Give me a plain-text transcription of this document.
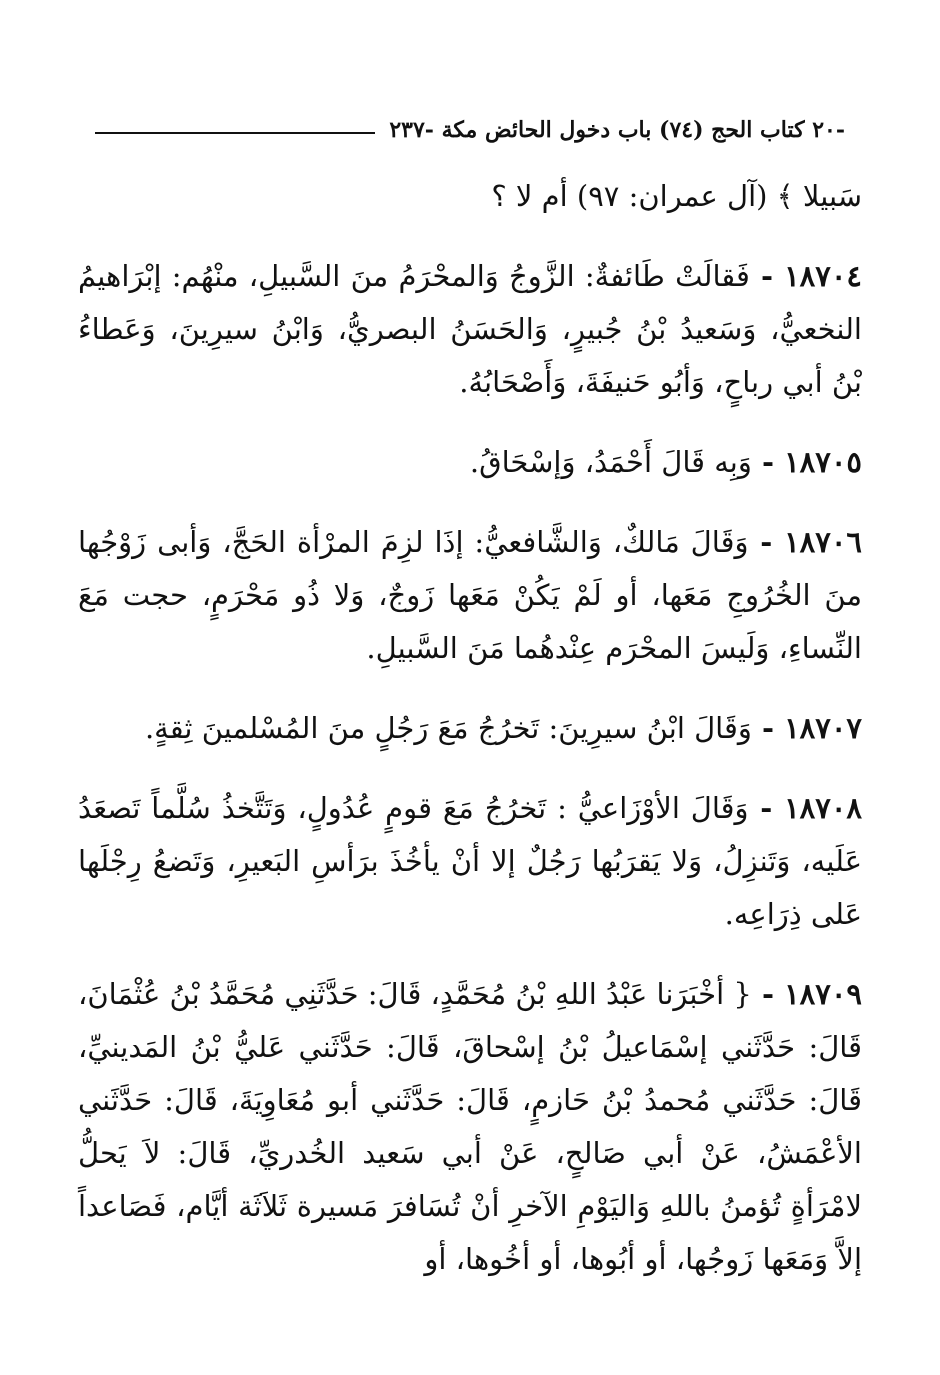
-٢٠ كتاب الحج (٧٤) باب دخول الحائض مكة -٢٣٧

سَبيلا ﴾ (آل عمران: ٩٧) أم لا ؟

١٨٧٠٤ - فَقالَتْ طَائفةٌ: الزَّوجُ وَالمحْرَمُ منَ السَّبيلِ، منْهُم: إبْرَاهيمُ النخعيُّ، وَسَعيدُ بْنُ جُبيرٍ، وَالحَسَنُ البصريُّ، وَابْنُ سيرِينَ، وَعَطاءُ بْنُ أبي رباحٍ، وَأبُو حَنيفَةَ، وَأَصْحَابُهُ.

١٨٧٠٥ - وَبِه قَالَ أَحْمَدُ، وَإسْحَاقُ.

١٨٧٠٦ - وَقَالَ مَالكٌ، وَالشَّافعيُّ: إذَا لزِمَ المرْأة الحَجَّ، وَأبى زَوْجُها منَ الخُرُوجِ مَعَها، أو لَمْ يَكُنْ مَعَها زَوجٌ، وَلا ذُو مَحْرَمٍ، حجت مَعَ النِّساءِ، وَلَيسَ المحْرَم عِنْدهُما مَنَ السَّبيلِ.

١٨٧٠٧ - وَقَالَ ابْنُ سيرِينَ: تَخرُجُ مَعَ رَجُلٍ منَ المُسْلمينَ ثِقةٍ.

١٨٧٠٨ - وَقَالَ الأوْزَاعيُّ : تَخرُجُ مَعَ قومٍ عُدُولٍ، وَتَتَّخذُ سُلَّماً تَصعَدُ عَلَيه، وَتَنزِلُ، وَلا يَقرَبُها رَجُلٌ إلا أنْ يأخُذَ برَأسِ البَعيرِ، وَتَضعُ رِجْلَها عَلى ذِرَاعِه.

١٨٧٠٩ - { أخْبَرَنا عَبْدُ اللهِ بْنُ مُحَمَّدٍ، قَالَ: حَدَّثَنِي مُحَمَّدُ بْنُ عُثْمَانَ، قَالَ: حَدَّثَني إسْمَاعيلُ بْنُ إسْحاقَ، قَالَ: حَدَّثَني عَليُّ بْنُ المَدينيِّ، قَالَ: حَدَّثَني مُحمدُ بْنُ حَازمٍ، قَالَ: حَدَّثَني أبو مُعَاوِيَةَ، قَالَ: حَدَّثَني الأعْمَشُ، عَنْ أبي صَالحٍ، عَنْ أبي سَعيد الخُدريِّ، قَالَ: لاَ يَحلُّ لامْرَأةٍ تُؤمنُ باللهِ وَاليَوْمِ الآخرِ أنْ تُسَافرَ مَسيرة ثَلاَثَة أيَّام، فَصَاعداً إلاَّ وَمَعَها زَوجُها، أو أبُوها، أو أخُوها، أو
